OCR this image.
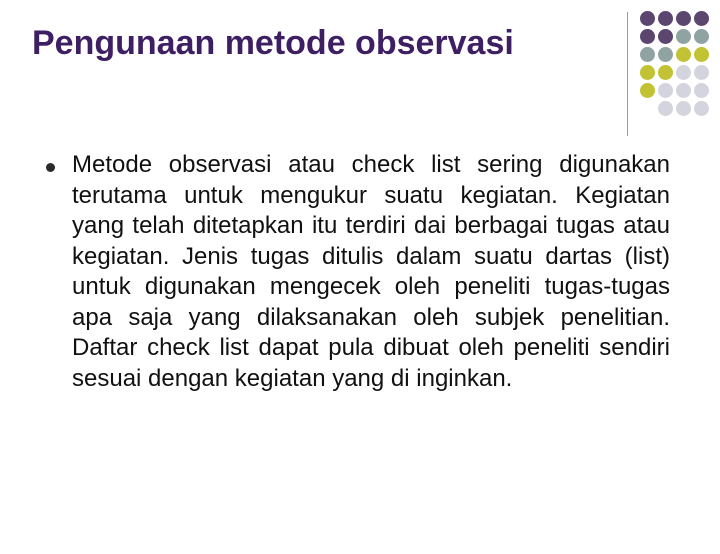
Pengunaan metode observasi
Metode observasi atau check list sering digunakan terutama untuk mengukur suatu kegiatan. Kegiatan yang telah ditetapkan itu terdiri dai berbagai tugas atau kegiatan. Jenis tugas ditulis dalam suatu dartas (list) untuk digunakan mengecek oleh peneliti tugas-tugas apa saja yang dilaksanakan oleh subjek penelitian. Daftar check list dapat pula dibuat oleh peneliti sendiri sesuai dengan kegiatan yang di inginkan.
